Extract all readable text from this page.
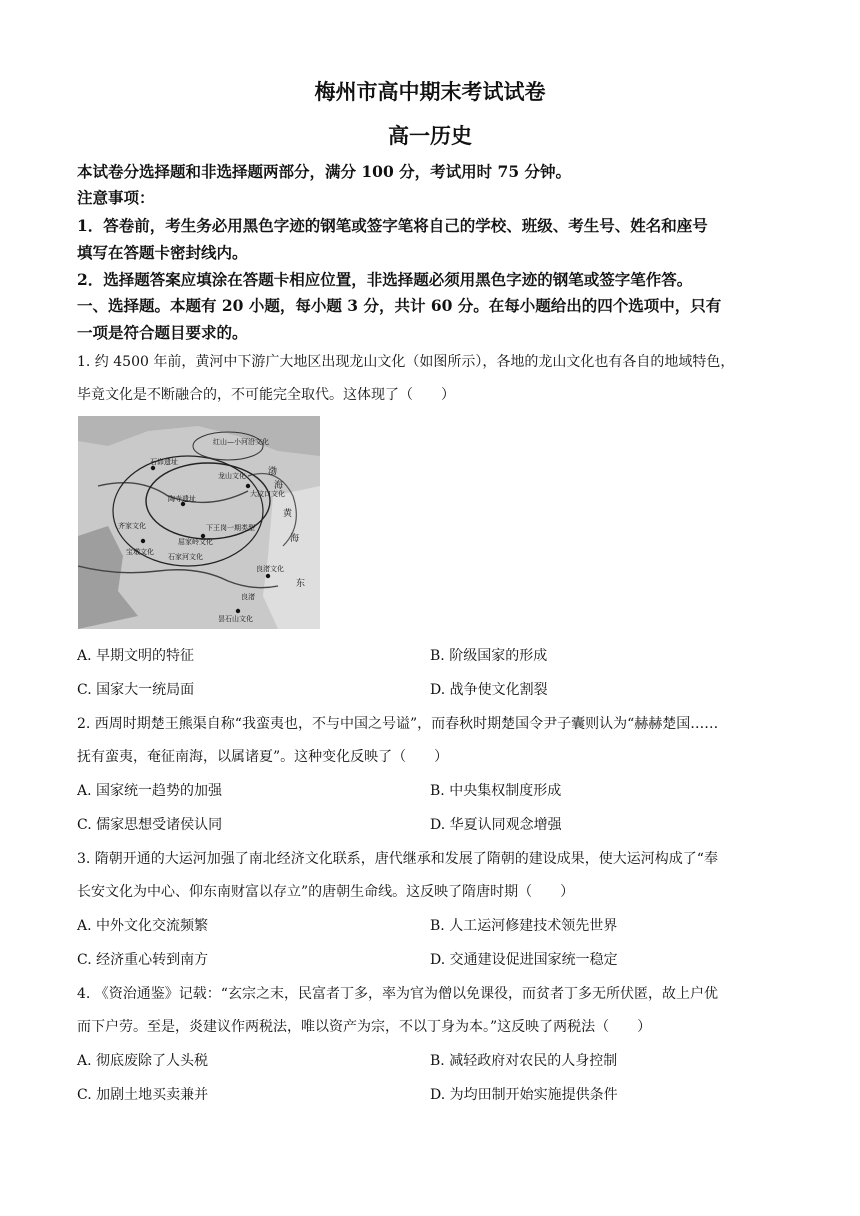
梅州市高中期末考试试卷
高一历史
本试卷分选择题和非选择题两部分，满分 100 分，考试用时 75 分钟。
注意事项：
1．答卷前，考生务必用黑色字迹的钢笔或签字笔将自己的学校、班级、考生号、姓名和座号
填写在答题卡密封线内。
2．选择题答案应填涂在答题卡相应位置，非选择题必须用黑色字迹的钢笔或签字笔作答。
一、选择题。本题有 20 小题，每小题 3 分，共计 60 分。在每小题给出的四个选项中，只有
一项是符合题目要求的。
1. 约 4500 年前，黄河中下游广大地区出现龙山文化（如图所示），各地的龙山文化也有各自的地域特色，
毕竟文化是不断融合的，不可能完全取代。这体现了（　　）
红山—小河沿文化
渤
石峁遗址
龙山文化
海
陶寺遗址
大汶口文化
黄
齐家文化	下王岗一期类型
屈家岭文化	海
宝墩文化
良渚文化
东
良渚
石家河文化
昙石山文化
A. 早期文明的特征	B. 阶级国家的形成
C. 国家大一统局面	D. 战争使文化割裂
2. 西周时期楚王熊渠自称“我蛮夷也，不与中国之号谥”，而春秋时期楚国令尹子囊则认为“赫赫楚国……
抚有蛮夷，奄征南海，以属诸夏”。这种变化反映了（　　）
A. 国家统一趋势的加强	B. 中央集权制度形成
C. 儒家思想受诸侯认同	D. 华夏认同观念增强
3. 隋朝开通的大运河加强了南北经济文化联系，唐代继承和发展了隋朝的建设成果，使大运河构成了“奉
长安文化为中心、仰东南财富以存立”的唐朝生命线。这反映了隋唐时期（　　）
A. 中外文化交流频繁	B. 人工运河修建技术领先世界
C. 经济重心转到南方	D. 交通建设促进国家统一稳定
4. 《资治通鉴》记载：“玄宗之末，民富者丁多，率为官为僧以免课役，而贫者丁多无所伏匿，故上户优
而下户劳。至是，炎建议作两税法，唯以资产为宗，不以丁身为本。”这反映了两税法（　　）
A. 彻底废除了人头税	B. 减轻政府对农民的人身控制
C. 加剧土地买卖兼并	D. 为均田制开始实施提供条件
